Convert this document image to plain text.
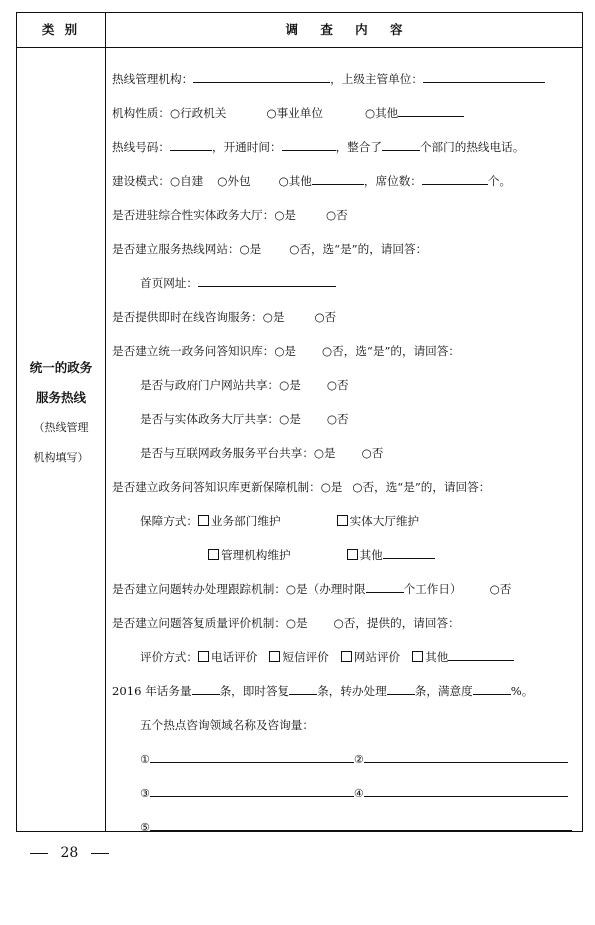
类 别	调 查 内 容
统一的政务
服务热线
（热线管理
机构填写）
热线管理机构：	，上级主管单位：
机构性质：○行政机关	○事业单位	○其他
热线号码：	，开通时间：	，整合了	个部门的热线电话。
建设模式：○自建 ○外包 ○其他	，席位数：	个。
是否进驻综合性实体政务大厅：○是	○否
是否建立服务热线网站：○是 ○否，选“是”的，请回答：
首页网址：
是否提供即时在线咨询服务：○是	○否
是否建立统一政务问答知识库：○是 ○否，选“是”的，请回答：
是否与政府门户网站共享：○是 ○否
是否与实体政务大厅共享：○是 ○否
是否与互联网政务服务平台共享：○是 ○否
是否建立政务问答知识库更新保障机制：○是 ○否，选“是”的，请回答：
保障方式： 业务部门维护	实体大厅维护
管理机构维护	其他
是否建立问题转办处理跟踪机制：○是（办理时限	个工作日） ○否
是否建立问题答复质量评价机制：○是 ○否，提供的，请回答：
评价方式： 电话评价 短信评价 网站评价 其他
2016 年话务量 条，即时答复 条，转办处理 条，满意度	%。
五个热点咨询领域名称及咨询量：
①	②
③	④
⑤
28
